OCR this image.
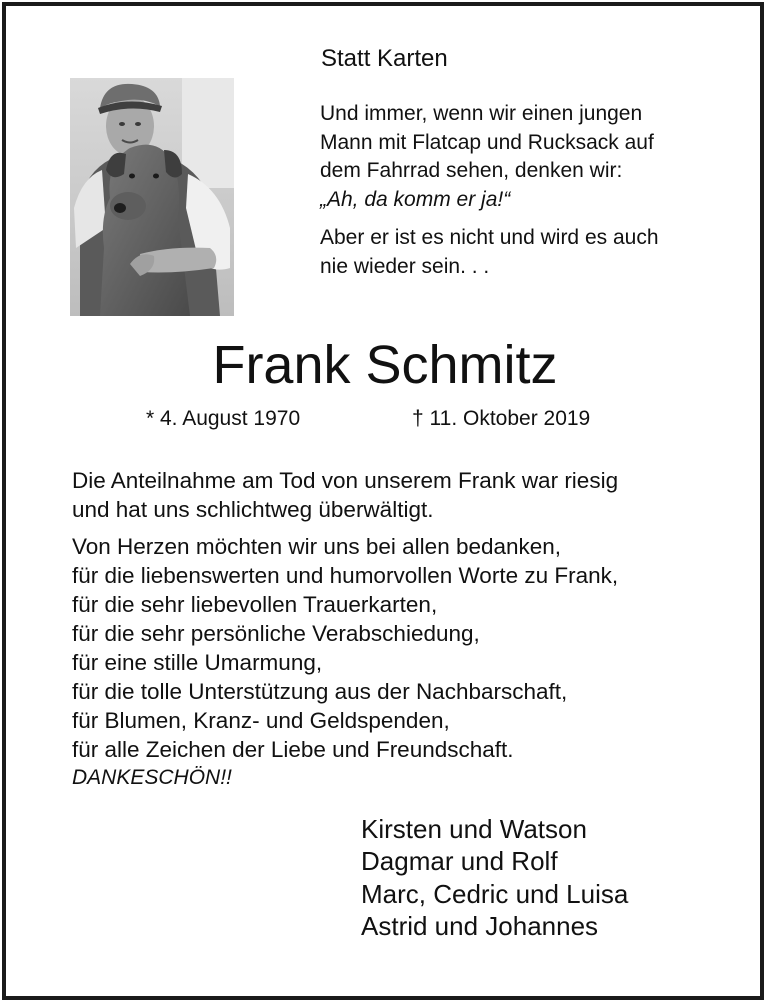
Statt Karten

Und immer, wenn wir einen jungen

Mann mit Flatcap und Rucksack auf

dem Fahrrad sehen, denken wir:

„Ah, da komm er ja!“

Aber er ist es nicht und wird es auch

nie wieder sein. . .

Frank Schmitz
* 4. August 1970	† 11. Oktober 2019

Die Anteilnahme am Tod von unserem Frank war riesig

und hat uns schlichtweg überwältigt.

Von Herzen möchten wir uns bei allen bedanken,

für die liebenswerten und humorvollen Worte zu Frank,

für die sehr liebevollen Trauerkarten,

für die sehr persönliche Verabschiedung,

für eine stille Umarmung,

für die tolle Unterstützung aus der Nachbarschaft,

für Blumen, Kranz- und Geldspenden,

für alle Zeichen der Liebe und Freundschaft.

DANKESCHÖN!!
Kirsten und Watson
Dagmar und Rolf
Marc, Cedric und Luisa
Astrid und Johannes
